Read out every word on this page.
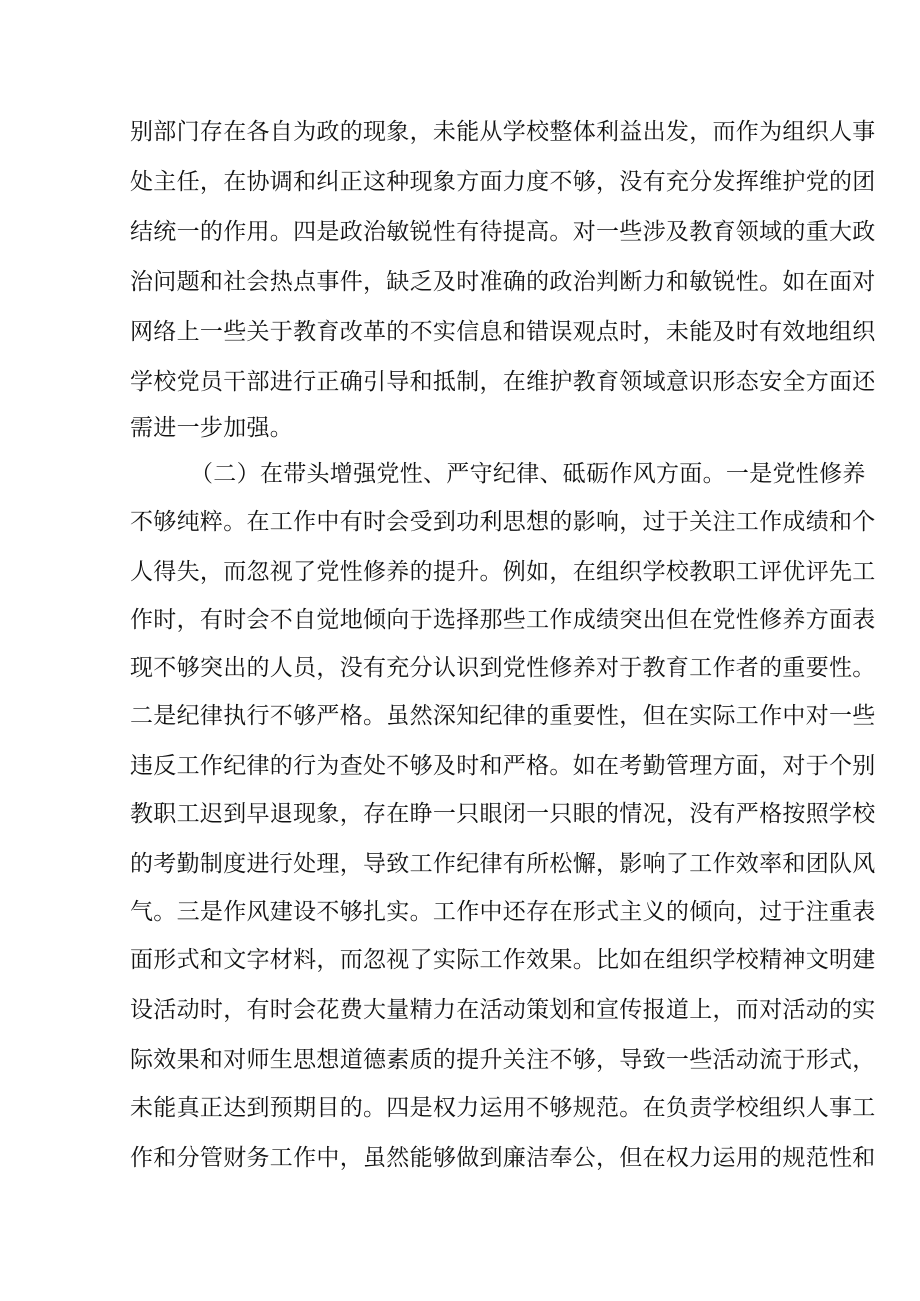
别部门存在各自为政的现象，未能从学校整体利益出发，而作为组织人事
处主任，在协调和纠正这种现象方面力度不够，没有充分发挥维护党的团
结统一的作用。四是政治敏锐性有待提高。对一些涉及教育领域的重大政
治问题和社会热点事件，缺乏及时准确的政治判断力和敏锐性。如在面对
网络上一些关于教育改革的不实信息和错误观点时，未能及时有效地组织
学校党员干部进行正确引导和抵制，在维护教育领域意识形态安全方面还
需进一步加强。
（二）在带头增强党性、严守纪律、砥砺作风方面。一是党性修养
不够纯粹。在工作中有时会受到功利思想的影响，过于关注工作成绩和个
人得失，而忽视了党性修养的提升。例如，在组织学校教职工评优评先工
作时，有时会不自觉地倾向于选择那些工作成绩突出但在党性修养方面表
现不够突出的人员，没有充分认识到党性修养对于教育工作者的重要性。
二是纪律执行不够严格。虽然深知纪律的重要性，但在实际工作中对一些
违反工作纪律的行为查处不够及时和严格。如在考勤管理方面，对于个别
教职工迟到早退现象，存在睁一只眼闭一只眼的情况，没有严格按照学校
的考勤制度进行处理，导致工作纪律有所松懈，影响了工作效率和团队风
气。三是作风建设不够扎实。工作中还存在形式主义的倾向，过于注重表
面形式和文字材料，而忽视了实际工作效果。比如在组织学校精神文明建
设活动时，有时会花费大量精力在活动策划和宣传报道上，而对活动的实
际效果和对师生思想道德素质的提升关注不够，导致一些活动流于形式，
未能真正达到预期目的。四是权力运用不够规范。在负责学校组织人事工
作和分管财务工作中，虽然能够做到廉洁奉公，但在权力运用的规范性和
